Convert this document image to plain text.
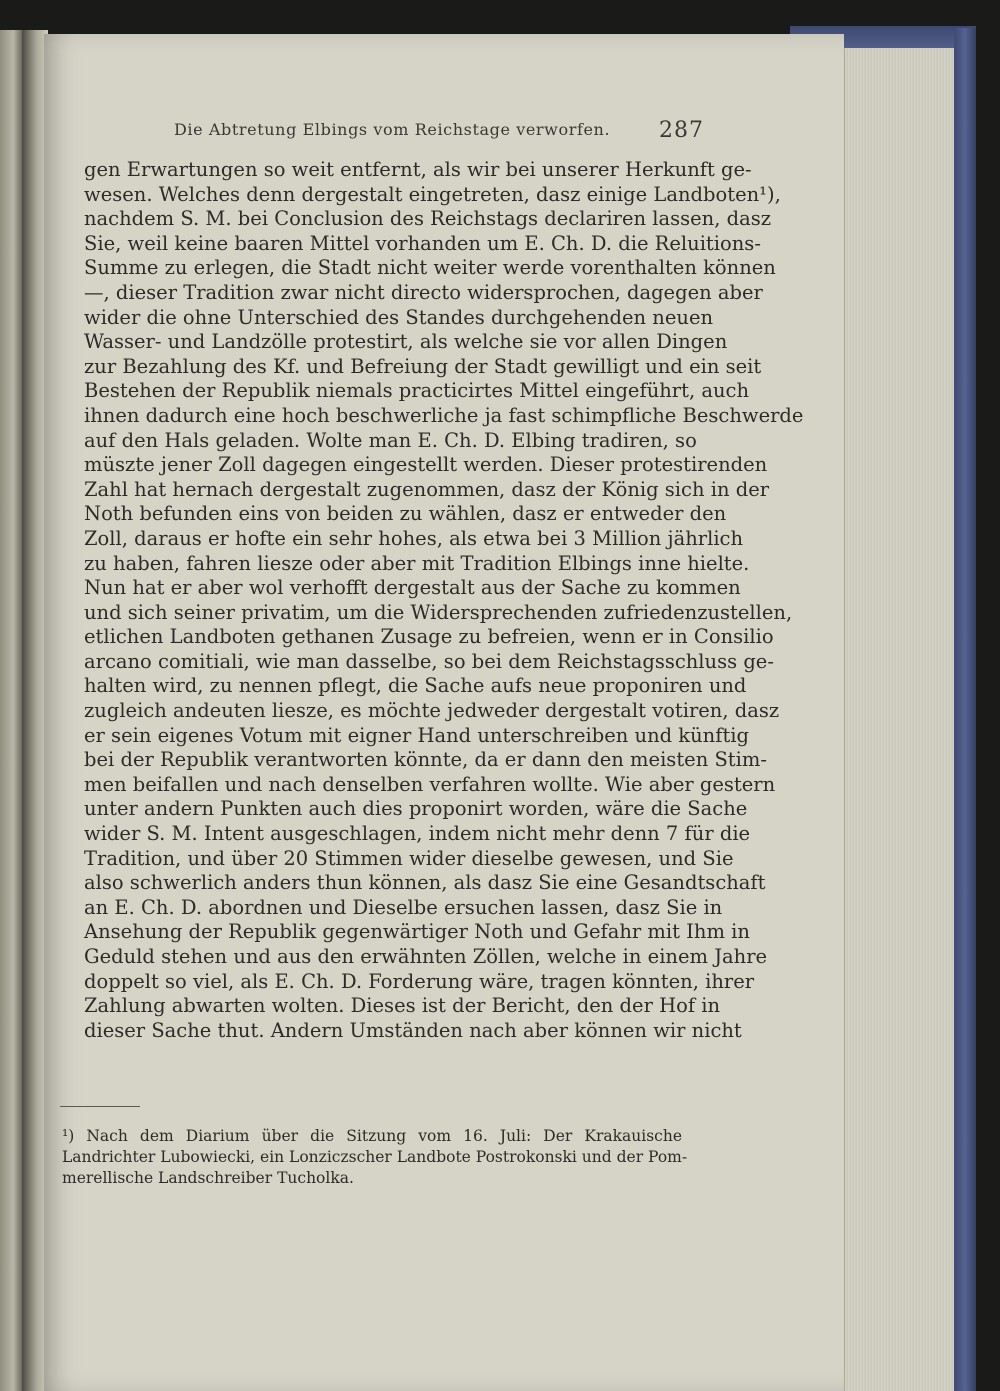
Die Abtretung Elbings vom Reichstage verworfen. 287
gen Erwartungen so weit entfernt, als wir bei unserer Herkunft ge-
wesen. Welches denn dergestalt eingetreten, dasz einige Landboten¹),
nachdem S. M. bei Conclusion des Reichstags declariren lassen, dasz
Sie, weil keine baaren Mittel vorhanden um E. Ch. D. die Reluitions-
Summe zu erlegen, die Stadt nicht weiter werde vorenthalten können
—, dieser Tradition zwar nicht directo widersprochen, dagegen aber
wider die ohne Unterschied des Standes durchgehenden neuen
Wasser- und Landzölle protestirt, als welche sie vor allen Dingen
zur Bezahlung des Kf. und Befreiung der Stadt gewilligt und ein seit
Bestehen der Republik niemals practicirtes Mittel eingeführt, auch
ihnen dadurch eine hoch beschwerliche ja fast schimpfliche Beschwerde
auf den Hals geladen. Wolte man E. Ch. D. Elbing tradiren, so
müszte jener Zoll dagegen eingestellt werden. Dieser protestirenden
Zahl hat hernach dergestalt zugenommen, dasz der König sich in der
Noth befunden eins von beiden zu wählen, dasz er entweder den
Zoll, daraus er hofte ein sehr hohes, als etwa bei 3 Million jährlich
zu haben, fahren liesze oder aber mit Tradition Elbings inne hielte.
Nun hat er aber wol verhofft dergestalt aus der Sache zu kommen
und sich seiner privatim, um die Widersprechenden zufriedenzustellen,
etlichen Landboten gethanen Zusage zu befreien, wenn er in Consilio
arcano comitiali, wie man dasselbe, so bei dem Reichstagsschluss ge-
halten wird, zu nennen pflegt, die Sache aufs neue proponiren und
zugleich andeuten liesze, es möchte jedweder dergestalt votiren, dasz
er sein eigenes Votum mit eigner Hand unterschreiben und künftig
bei der Republik verantworten könnte, da er dann den meisten Stim-
men beifallen und nach denselben verfahren wollte. Wie aber gestern
unter andern Punkten auch dies proponirt worden, wäre die Sache
wider S. M. Intent ausgeschlagen, indem nicht mehr denn 7 für die
Tradition, und über 20 Stimmen wider dieselbe gewesen, und Sie
also schwerlich anders thun können, als dasz Sie eine Gesandtschaft
an E. Ch. D. abordnen und Dieselbe ersuchen lassen, dasz Sie in
Ansehung der Republik gegenwärtiger Noth und Gefahr mit Ihm in
Geduld stehen und aus den erwähnten Zöllen, welche in einem Jahre
doppelt so viel, als E. Ch. D. Forderung wäre, tragen könnten, ihrer
Zahlung abwarten wolten. Dieses ist der Bericht, den der Hof in
dieser Sache thut. Andern Umständen nach aber können wir nicht
¹) Nach dem Diarium über die Sitzung vom 16. Juli: Der Krakauische
Landrichter Lubowiecki, ein Lonziczscher Landbote Postrokonski und der Pom-
merellische Landschreiber Tucholka.
